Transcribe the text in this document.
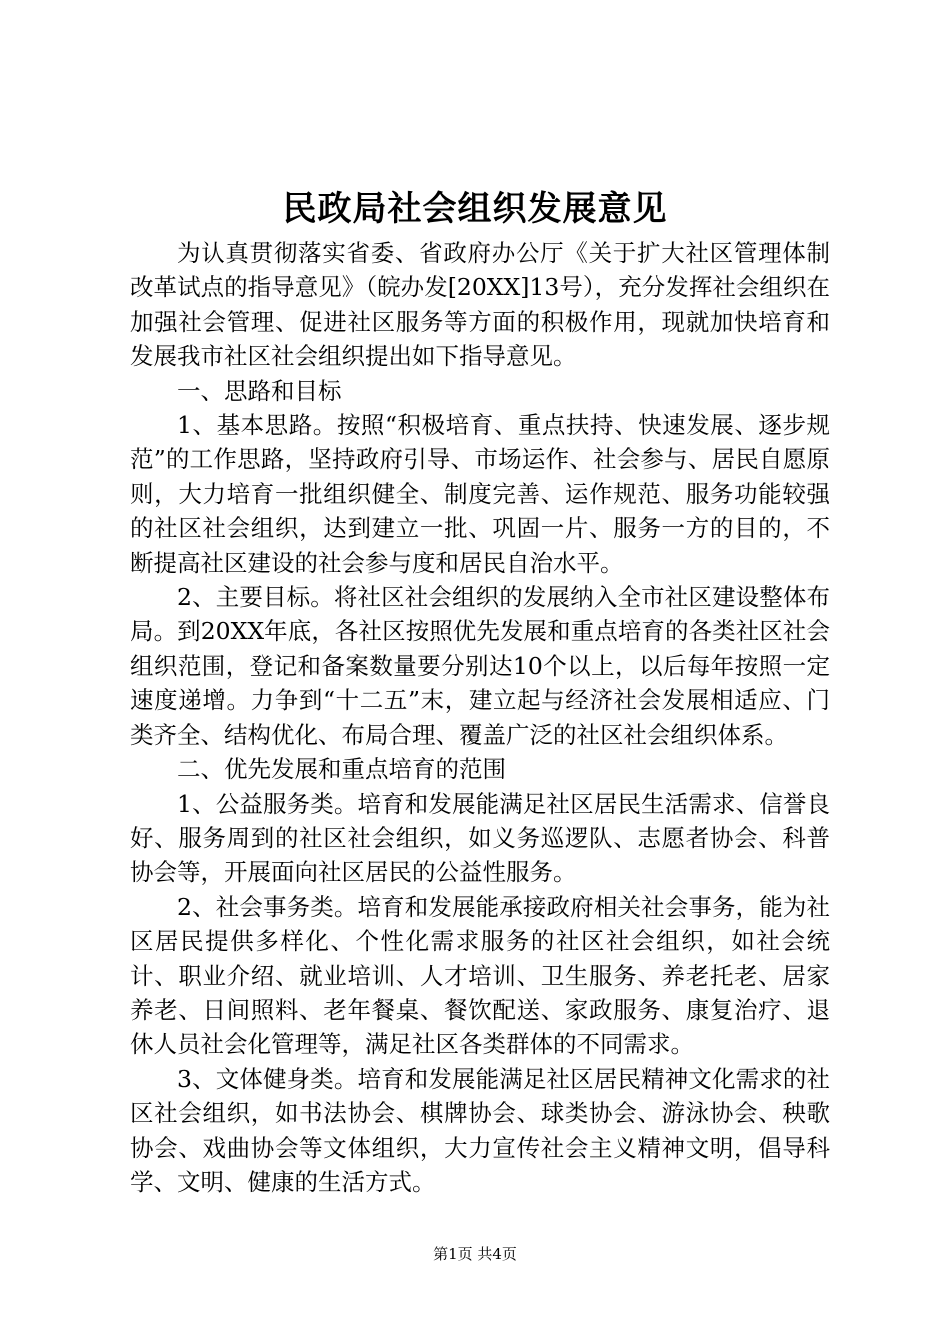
民政局社会组织发展意见

为认真贯彻落实省委、省政府办公厅《关于扩大社区管理体制改革试点的指导意见》（皖办发[20XX]13号），充分发挥社会组织在加强社会管理、促进社区服务等方面的积极作用，现就加快培育和发展我市社区社会组织提出如下指导意见。

一、思路和目标

1、基本思路。按照“积极培育、重点扶持、快速发展、逐步规范”的工作思路，坚持政府引导、市场运作、社会参与、居民自愿原则，大力培育一批组织健全、制度完善、运作规范、服务功能较强的社区社会组织，达到建立一批、巩固一片、服务一方的目的，不断提高社区建设的社会参与度和居民自治水平。

2、主要目标。将社区社会组织的发展纳入全市社区建设整体布局。到20XX年底，各社区按照优先发展和重点培育的各类社区社会组织范围，登记和备案数量要分别达10个以上，以后每年按照一定速度递增。力争到“十二五”末，建立起与经济社会发展相适应、门类齐全、结构优化、布局合理、覆盖广泛的社区社会组织体系。

二、优先发展和重点培育的范围

1、公益服务类。培育和发展能满足社区居民生活需求、信誉良好、服务周到的社区社会组织，如义务巡逻队、志愿者协会、科普协会等，开展面向社区居民的公益性服务。

2、社会事务类。培育和发展能承接政府相关社会事务，能为社区居民提供多样化、个性化需求服务的社区社会组织，如社会统计、职业介绍、就业培训、人才培训、卫生服务、养老托老、居家养老、日间照料、老年餐桌、餐饮配送、家政服务、康复治疗、退休人员社会化管理等，满足社区各类群体的不同需求。

3、文体健身类。培育和发展能满足社区居民精神文化需求的社区社会组织，如书法协会、棋牌协会、球类协会、游泳协会、秧歌协会、戏曲协会等文体组织，大力宣传社会主义精神文明，倡导科学、文明、健康的生活方式。

第1页 共4页
